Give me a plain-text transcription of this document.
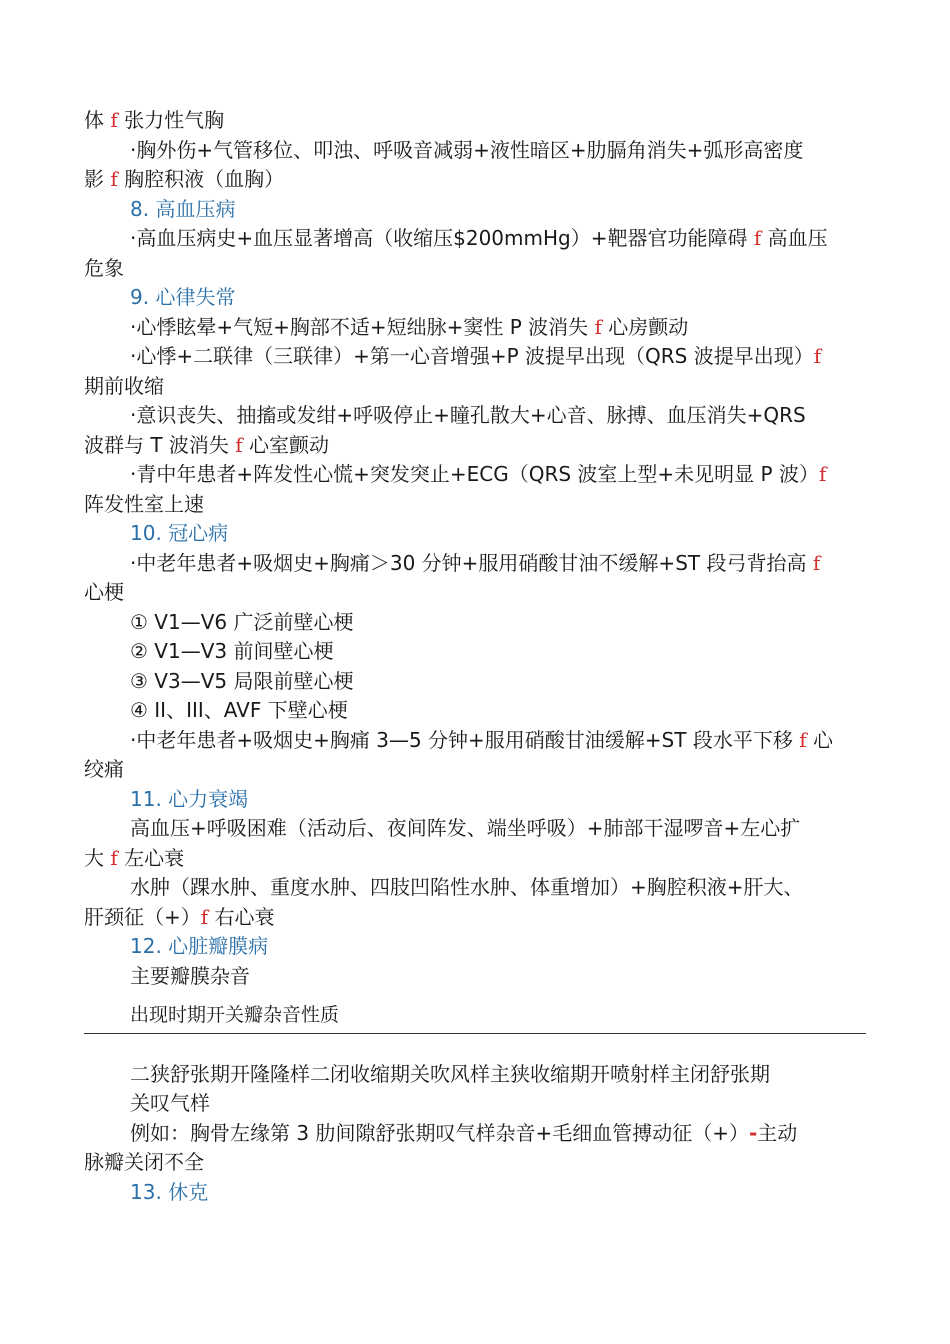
体 f 张力性气胸
·胸外伤+气管移位、叩浊、呼吸音减弱+液性暗区+肋膈角消失+弧形高密度
影 f 胸腔积液（血胸）
8. 高血压病
·高血压病史+血压显著增高（收缩压$200mmHg）+靶器官功能障碍 f 高血压
危象
9. 心律失常
·心悸眩晕+气短+胸部不适+短绌脉+窦性 P 波消失 f 心房颤动
·心悸+二联律（三联律）+第一心音增强+P 波提早出现（QRS 波提早出现）f
期前收缩
·意识丧失、抽搐或发绀+呼吸停止+瞳孔散大+心音、脉搏、血压消失+QRS
波群与 T 波消失 f 心室颤动
·青中年患者+阵发性心慌+突发突止+ECG（QRS 波室上型+未见明显 P 波）f
阵发性室上速
10. 冠心病
·中老年患者+吸烟史+胸痛＞30 分钟+服用硝酸甘油不缓解+ST 段弓背抬高 f
心梗
① V1—V6 广泛前壁心梗
② V1—V3 前间壁心梗
③ V3—V5 局限前壁心梗
④ II、III、AVF 下壁心梗
·中老年患者+吸烟史+胸痛 3—5 分钟+服用硝酸甘油缓解+ST 段水平下移 f 心
绞痛
11. 心力衰竭
高血压+呼吸困难（活动后、夜间阵发、端坐呼吸）+肺部干湿啰音+左心扩
大 f 左心衰
水肿（踝水肿、重度水肿、四肢凹陷性水肿、体重增加）+胸腔积液+肝大、
肝颈征（+）f 右心衰
12. 心脏瓣膜病
主要瓣膜杂音
出现时期开关瓣杂音性质
二狭舒张期开隆隆样二闭收缩期关吹风样主狭收缩期开喷射样主闭舒张期
关叹气样
例如：胸骨左缘第 3 肋间隙舒张期叹气样杂音+毛细血管搏动征（+）-主动
脉瓣关闭不全
13. 休克
